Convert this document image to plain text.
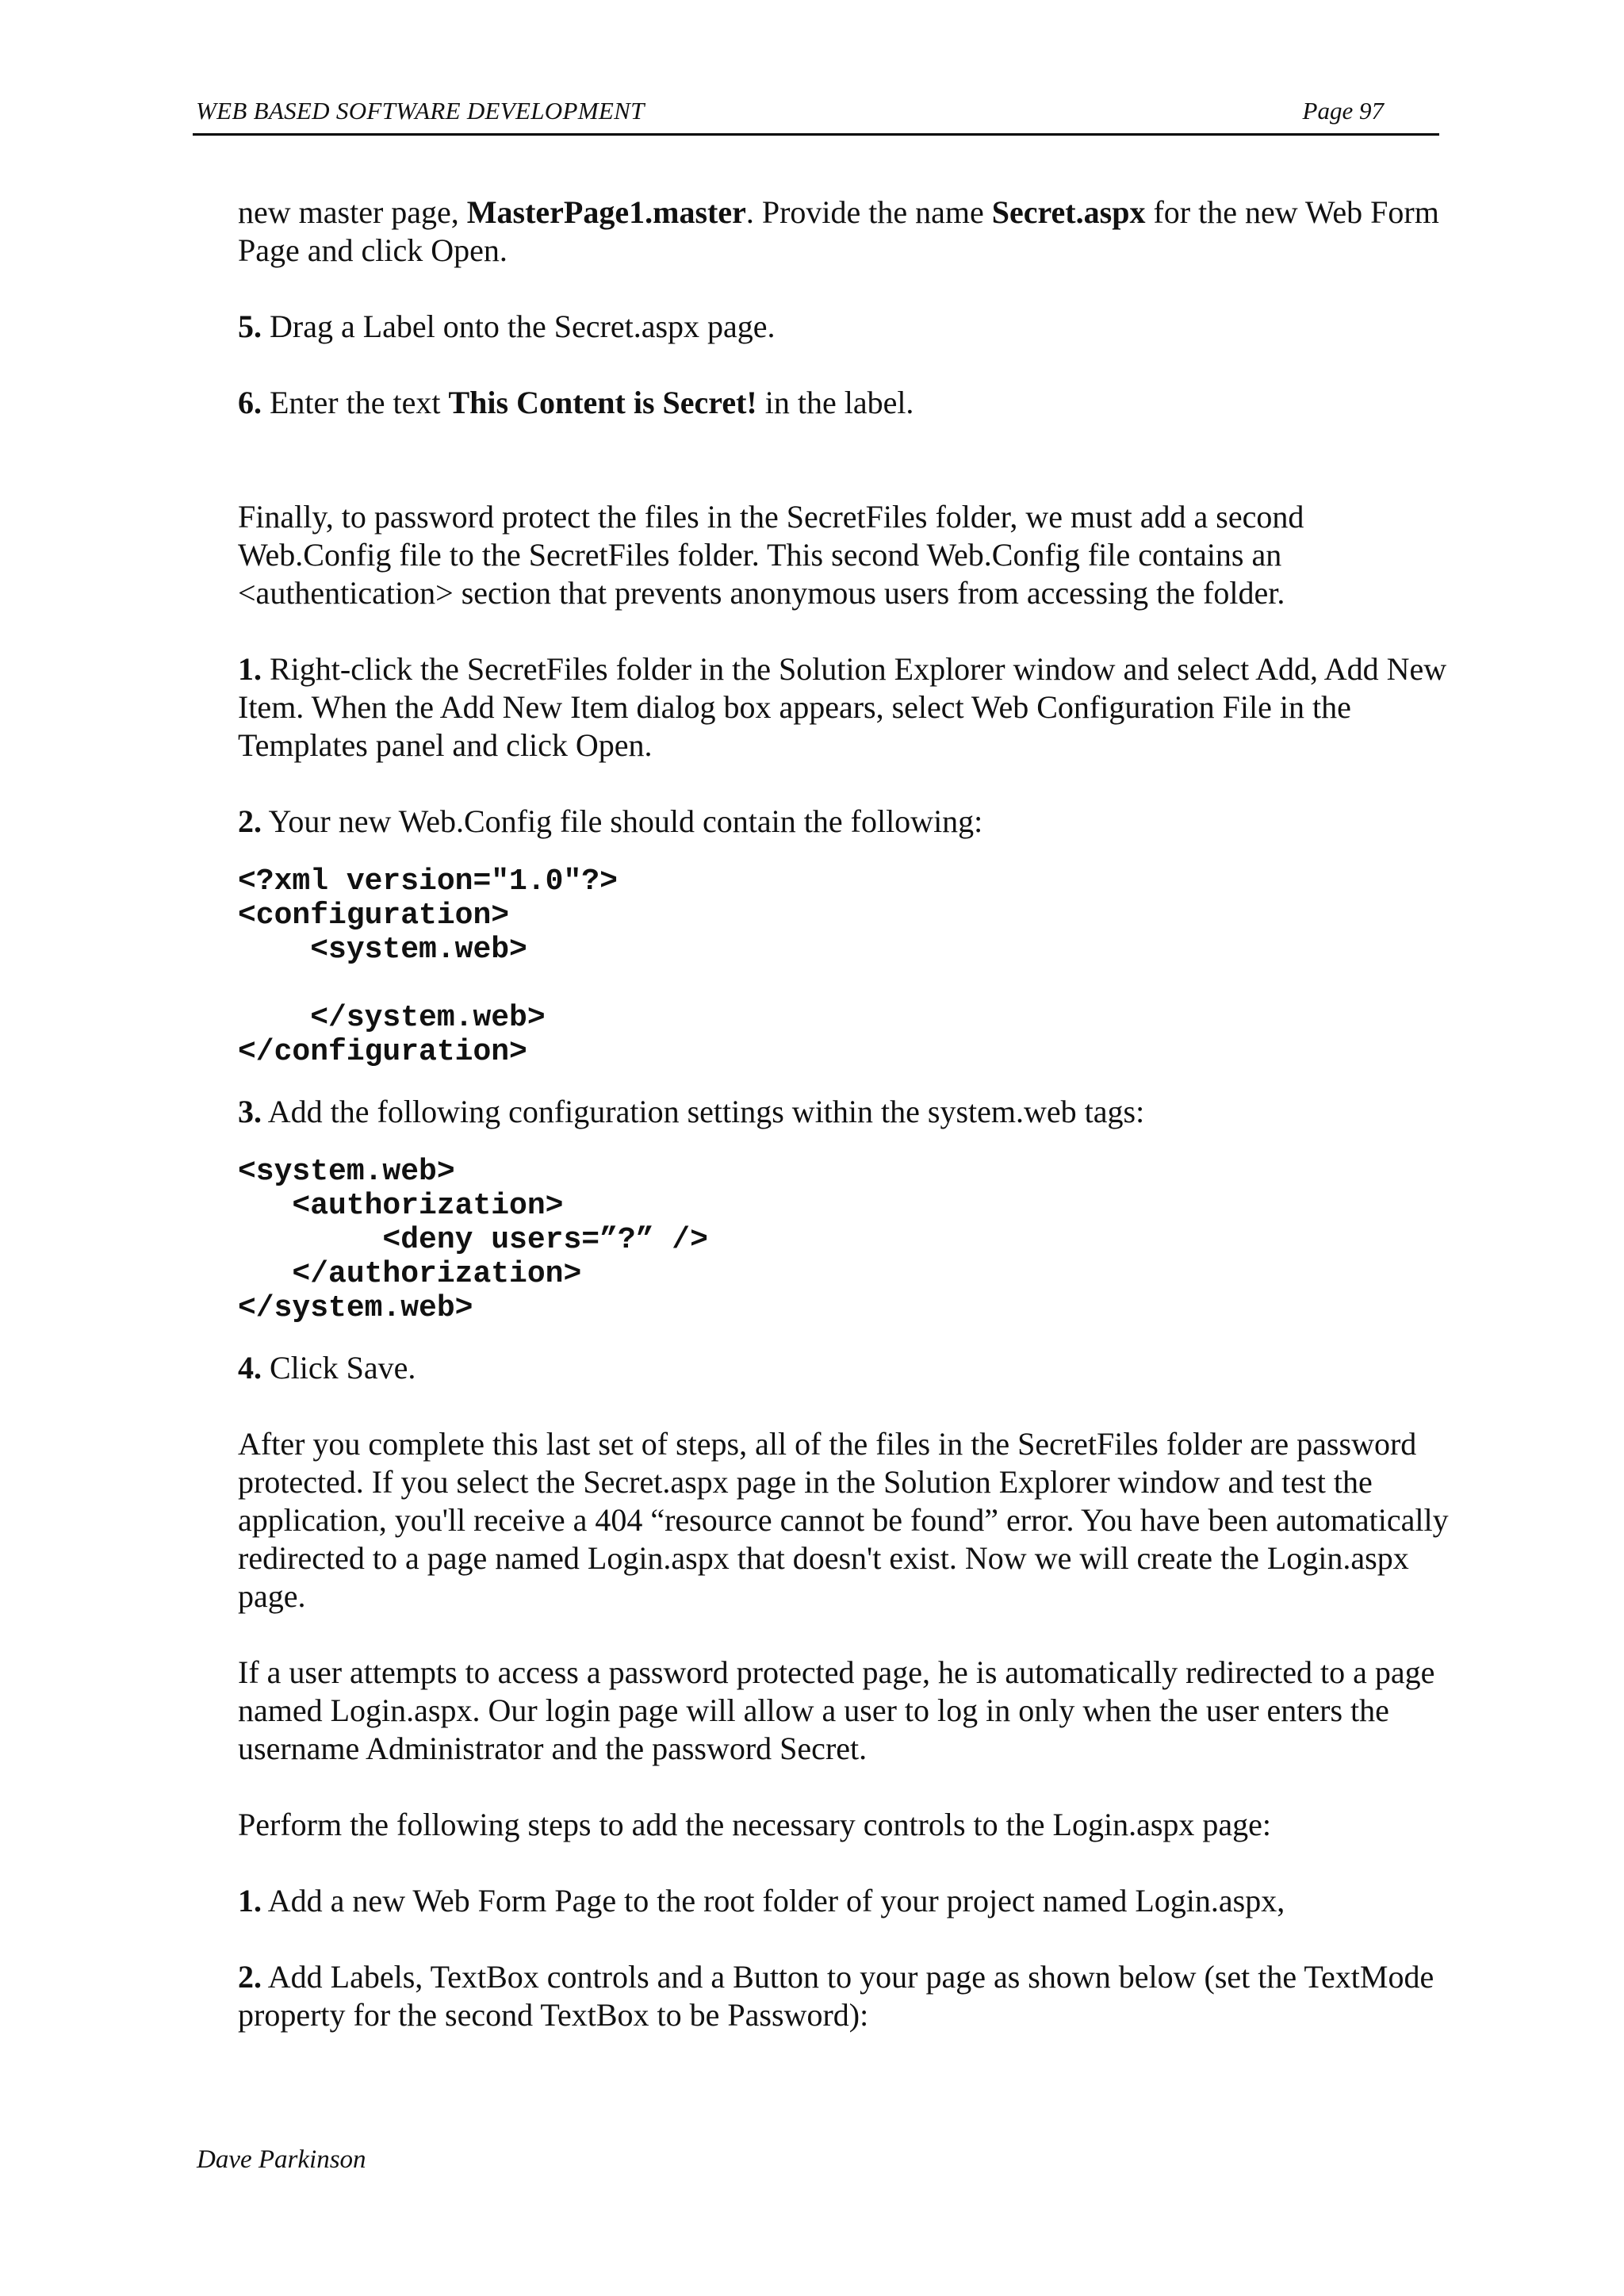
WEB BASED SOFTWARE DEVELOPMENT	Page 97

new master page, MasterPage1.master. Provide the name Secret.aspx for the new Web Form Page and click Open.

5. Drag a Label onto the Secret.aspx page.

6. Enter the text This Content is Secret! in the label.

Finally, to password protect the files in the SecretFiles folder, we must add a second Web.Config file to the SecretFiles folder. This second Web.Config file contains an <authentication> section that prevents anonymous users from accessing the folder.

1. Right-click the SecretFiles folder in the Solution Explorer window and select Add, Add New Item. When the Add New Item dialog box appears, select Web Configuration File in the Templates panel and click Open.

2. Your new Web.Config file should contain the following:

<?xml version="1.0"?>
<configuration>
<system.web>

</system.web>
</configuration>

3. Add the following configuration settings within the system.web tags:

<system.web>
<authorization>
<deny users=”?” />
</authorization>
</system.web>

4. Click Save.

After you complete this last set of steps, all of the files in the SecretFiles folder are password protected. If you select the Secret.aspx page in the Solution Explorer window and test the application, you'll receive a 404 “resource cannot be found” error. You have been automatically redirected to a page named Login.aspx that doesn't exist. Now we will create the Login.aspx page.

If a user attempts to access a password protected page, he is automatically redirected to a page named Login.aspx. Our login page will allow a user to log in only when the user enters the username Administrator and the password Secret.

Perform the following steps to add the necessary controls to the Login.aspx page:

1. Add a new Web Form Page to the root folder of your project named Login.aspx,

2. Add Labels, TextBox controls and a Button to your page as shown below (set the TextMode property for the second TextBox to be Password):

Dave Parkinson
